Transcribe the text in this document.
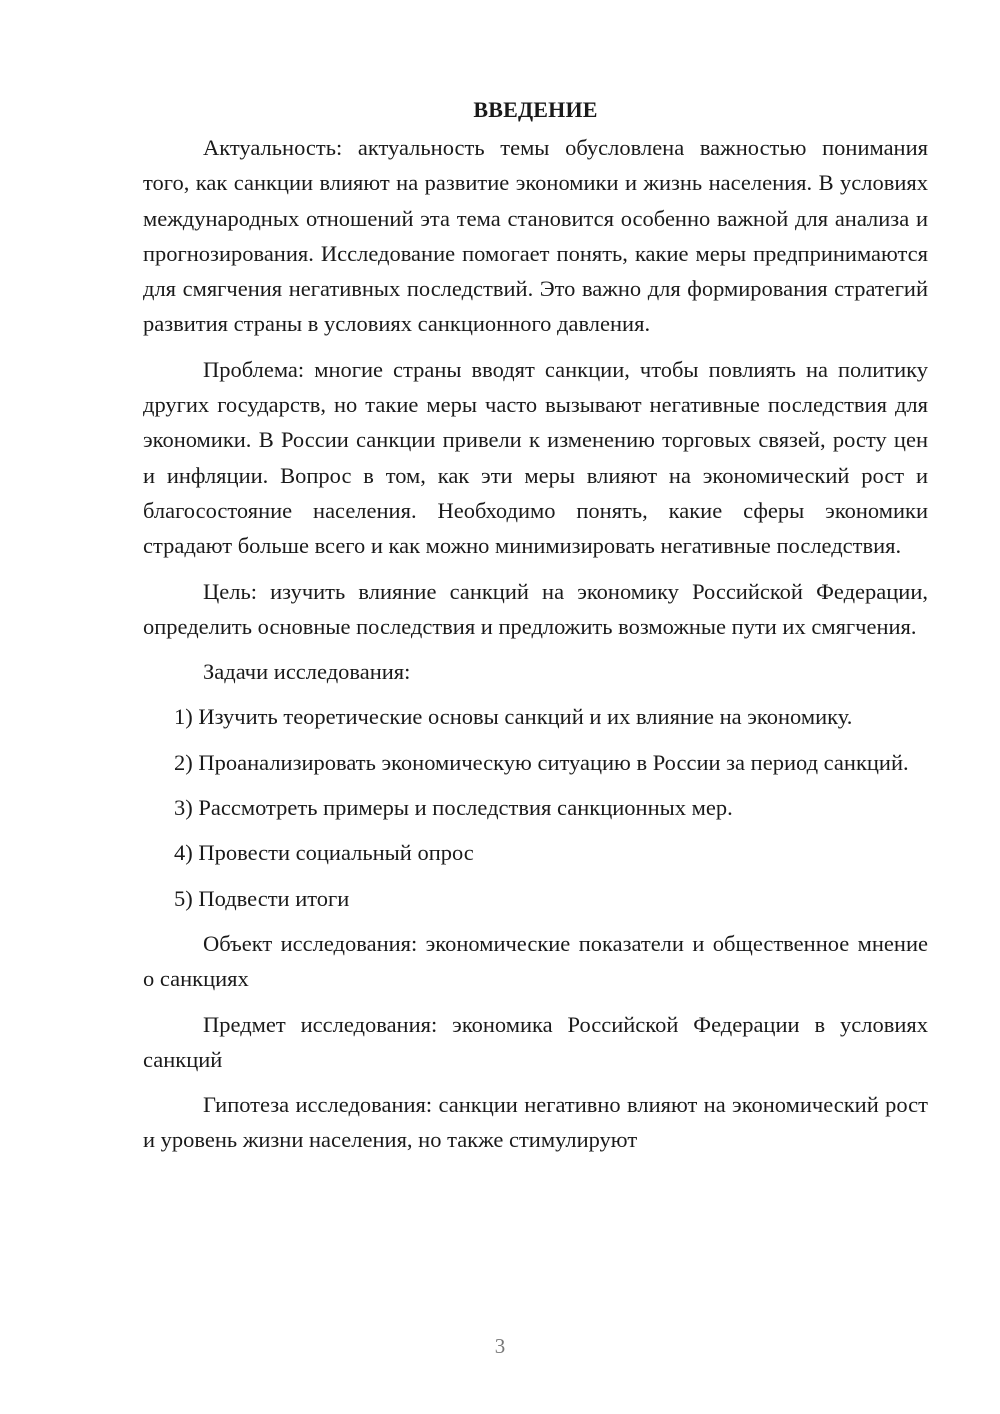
ВВЕДЕНИЕ

Актуальность: актуальность темы обусловлена важностью понимания того, как санкции влияют на развитие экономики и жизнь населения. В условиях международных отношений эта тема становится особенно важной для анализа и прогнозирования. Исследование помогает понять, какие меры предпринимаются для смягчения негативных последствий. Это важно для формирования стратегий развития страны в условиях санкционного давления.

Проблема: многие страны вводят санкции, чтобы повлиять на политику других государств, но такие меры часто вызывают негативные последствия для экономики. В России санкции привели к изменению торговых связей, росту цен и инфляции. Вопрос в том, как эти меры влияют на экономический рост и благосостояние населения. Необходимо понять, какие сферы экономики страдают больше всего и как можно минимизировать негативные последствия.

Цель: изучить влияние санкций на экономику Российской Федерации, определить основные последствия и предложить возможные пути их смягчения.

Задачи исследования:

1) Изучить теоретические основы санкций и их влияние на экономику.

2) Проанализировать экономическую ситуацию в России за период санкций.

3) Рассмотреть примеры и последствия санкционных мер.

4) Провести социальный опрос

5) Подвести итоги

Объект исследования: экономические показатели и общественное мнение о санкциях

Предмет исследования: экономика Российской Федерации в условиях санкций

Гипотеза исследования: санкции негативно влияют на экономический рост и уровень жизни населения, но также стимулируют

3
